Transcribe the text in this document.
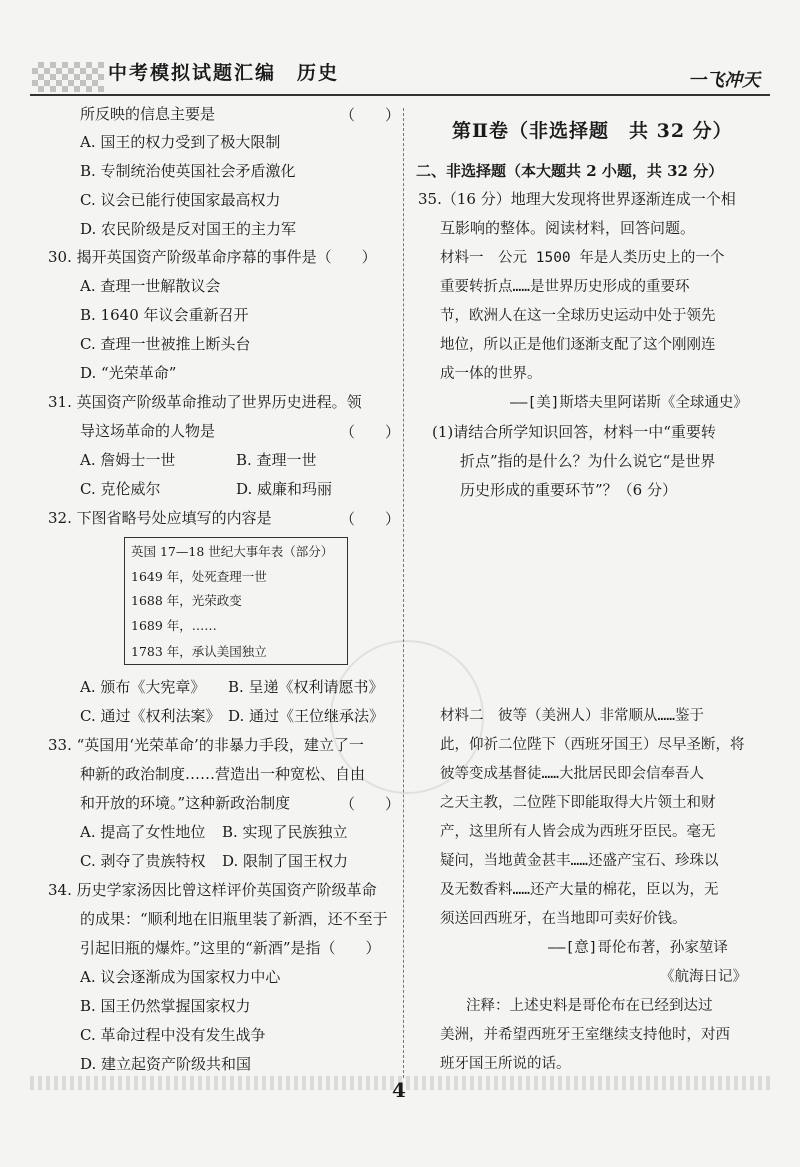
中考模拟试题汇编　历史	一飞冲天
所反映的信息主要是	（　　）
A. 国王的权力受到了极大限制
B. 专制统治使英国社会矛盾激化
C. 议会已能行使国家最高权力
D. 农民阶级是反对国王的主力军
30. 揭开英国资产阶级革命序幕的事件是（　　）
A. 查理一世解散议会
B. 1640 年议会重新召开
C. 查理一世被推上断头台
D. “光荣革命”
31. 英国资产阶级革命推动了世界历史进程。领
导这场革命的人物是	（　　）
A. 詹姆士一世	B. 查理一世
C. 克伦威尔	D. 威廉和玛丽
32. 下图省略号处应填写的内容是	（　　）
英国 17—18 世纪大事年表（部分）
1649 年，处死查理一世
1688 年，光荣政变
1689 年，……
1783 年，承认美国独立
A. 颁布《大宪章》 B. 呈递《权利请愿书》
C. 通过《权利法案》 D. 通过《王位继承法》
33. “英国用‘光荣革命’的非暴力手段，建立了一
种新的政治制度……营造出一种宽松、自由
和开放的环境。”这种新政治制度	（　　）
A. 提高了女性地位 B. 实现了民族独立
C. 剥夺了贵族特权 D. 限制了国王权力
34. 历史学家汤因比曾这样评价英国资产阶级革命
的成果：“顺利地在旧瓶里装了新酒，还不至于
引起旧瓶的爆炸。”这里的“新酒”是指（　　）
A. 议会逐渐成为国家权力中心
B. 国王仍然掌握国家权力
C. 革命过程中没有发生战争
D. 建立起资产阶级共和国
第Ⅱ卷（非选择题　共 32 分）
二、非选择题（本大题共 2 小题，共 32 分）
35.（16 分）地理大发现将世界逐渐连成一个相
互影响的整体。阅读材料，回答问题。
材料一　公元 1500 年是人类历史上的一个
重要转折点……是世界历史形成的重要环
节，欧洲人在这一全球历史运动中处于领先
地位，所以正是他们逐渐支配了这个刚刚连
成一体的世界。
——[美]斯塔夫里阿诺斯《全球通史》
(1)请结合所学知识回答，材料一中“重要转
折点”指的是什么？为什么说它“是世界
历史形成的重要环节”？（6 分）
材料二　彼等（美洲人）非常顺从……鉴于
此，仰祈二位陛下（西班牙国王）尽早圣断，将
彼等变成基督徒……大批居民即会信奉吾人
之天主教，二位陛下即能取得大片领土和财
产，这里所有人皆会成为西班牙臣民。毫无
疑问，当地黄金甚丰……还盛产宝石、珍珠以
及无数香料……还产大量的棉花，臣以为，无
须送回西班牙，在当地即可卖好价钱。
——[意]哥伦布著，孙家堃译
《航海日记》
注释：上述史料是哥伦布在已经到达过
美洲，并希望西班牙王室继续支持他时，对西
班牙国王所说的话。
4
